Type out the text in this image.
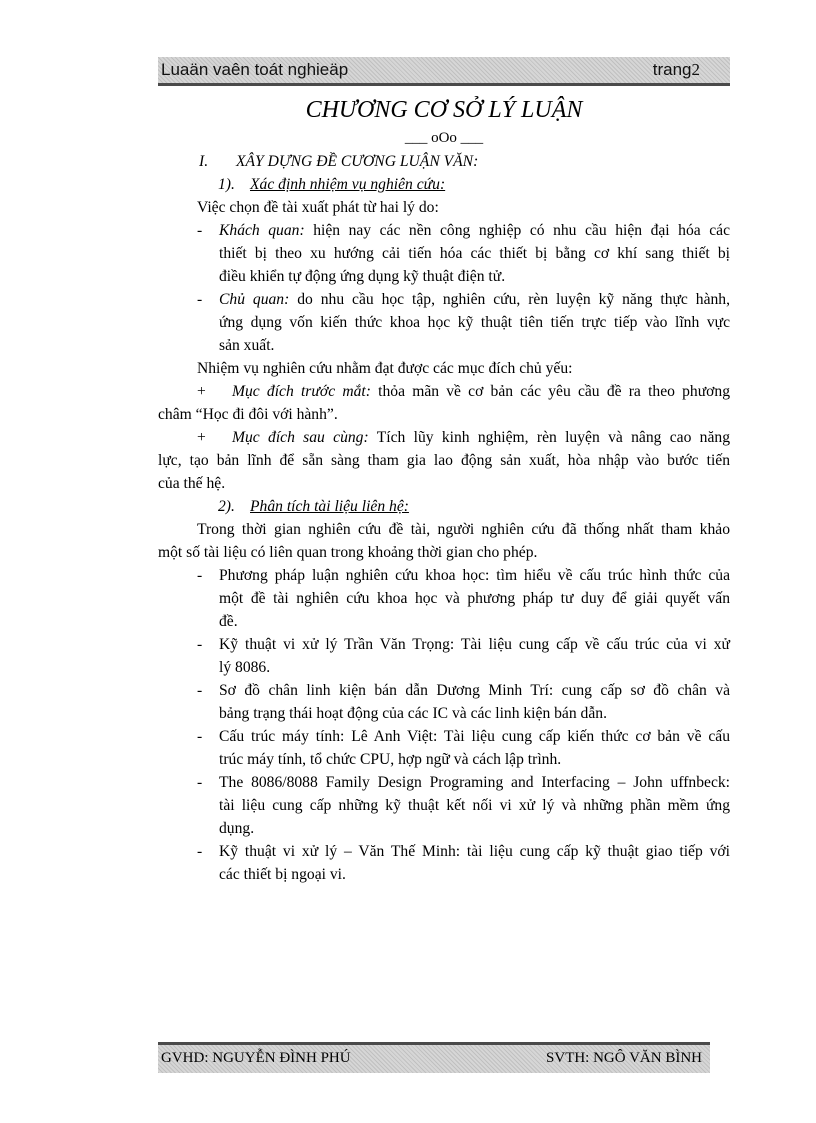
Luaän vaên toát nghieäp	trang2
CHƯƠNG CƠ SỞ LÝ LUẬN
___ oOo ___
I. XÂY DỰNG ĐỀ CƯƠNG LUẬN VĂN:
1). Xác định nhiệm vụ nghiên cứu:
Việc chọn đề tài xuất phát từ hai lý do:
- Khách quan: hiện nay các nền công nghiệp có nhu cầu hiện đại hóa các
thiết bị theo xu hướng cải tiến hóa các thiết bị bằng cơ khí sang thiết bị
điều khiển tự động ứng dụng kỹ thuật điện tử.
- Chủ quan: do nhu cầu học tập, nghiên cứu, rèn luyện kỹ năng thực hành,
ứng dụng vốn kiến thức khoa học kỹ thuật tiên tiến trực tiếp vào lĩnh vực
sản xuất.
Nhiệm vụ nghiên cứu nhằm đạt được các mục đích chủ yếu:
+ Mục đích trước mắt: thỏa mãn về cơ bản các yêu cầu đề ra theo phương
châm “Học đi đôi với hành”.
+ Mục đích sau cùng: Tích lũy kinh nghiệm, rèn luyện và nâng cao năng
lực, tạo bản lĩnh để sẵn sàng tham gia lao động sản xuất, hòa nhập vào bước tiến
của thế hệ.
2). Phân tích tài liệu liên hệ:
Trong thời gian nghiên cứu đề tài, người nghiên cứu đã thống nhất tham khảo
một số tài liệu có liên quan trong khoảng thời gian cho phép.
- Phương pháp luận nghiên cứu khoa học: tìm hiểu về cấu trúc hình thức của
một đề tài nghiên cứu khoa học và phương pháp tư duy để giải quyết vấn
đề.
- Kỹ thuật vi xử lý Trần Văn Trọng: Tài liệu cung cấp về cấu trúc của vi xử
lý 8086.
- Sơ đồ chân linh kiện bán dẫn Dương Minh Trí: cung cấp sơ đồ chân và
bảng trạng thái hoạt động của các IC và các linh kiện bán dẫn.
- Cấu trúc máy tính: Lê Anh Việt: Tài liệu cung cấp kiến thức cơ bản về cấu
trúc máy tính, tổ chức CPU, hợp ngữ và cách lập trình.
- The 8086/8088 Family Design Programing and Interfacing – John uffnbeck:
tài liệu cung cấp những kỹ thuật kết nối vi xử lý và những phần mềm ứng
dụng.
- Kỹ thuật vi xử lý – Văn Thế Minh: tài liệu cung cấp kỹ thuật giao tiếp với
các thiết bị ngoại vi.
GVHD: NGUYỄN ĐÌNH PHÚ	SVTH: NGÔ VĂN BÌNH
